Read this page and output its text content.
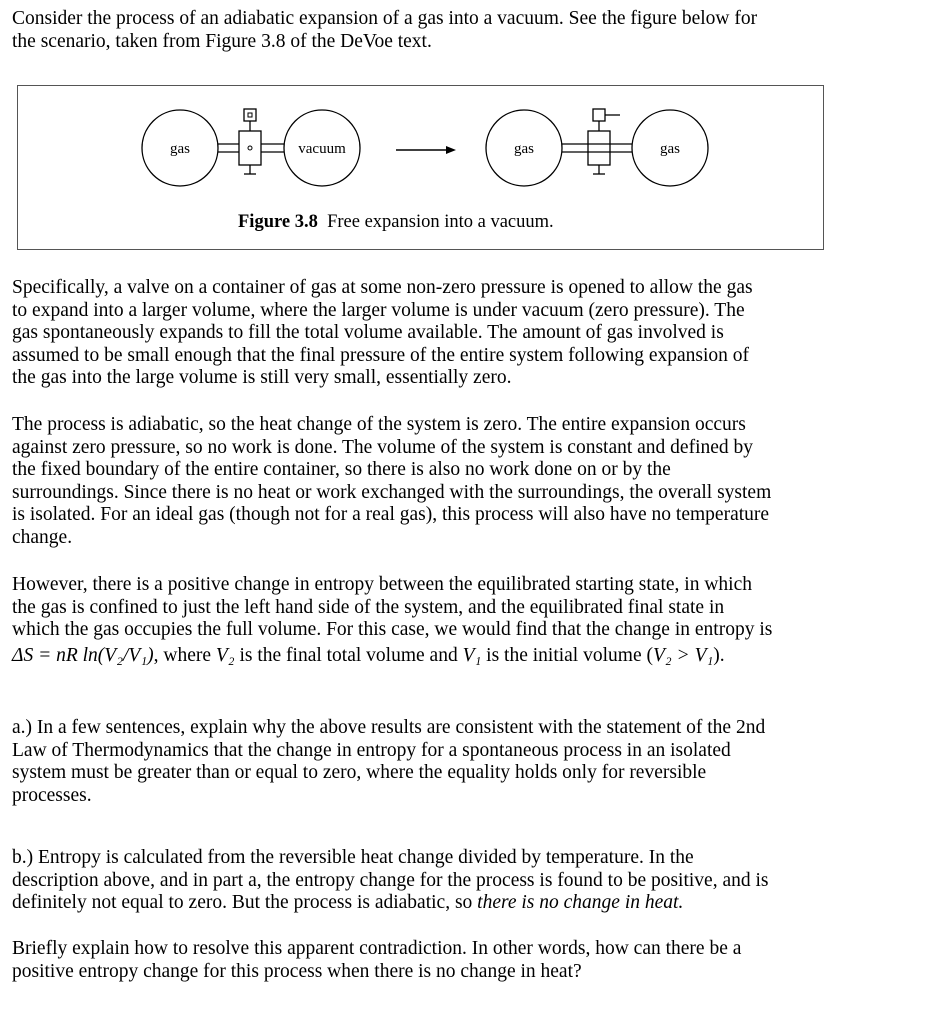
Consider the process of an adiabatic expansion of a gas into a vacuum. See the figure below for
the scenario, taken from Figure 3.8 of the DeVoe text.
gas	vacuum	gas	gas
Figure 3.8 Free expansion into a vacuum.
Specifically, a valve on a container of gas at some non-zero pressure is opened to allow the gas
to expand into a larger volume, where the larger volume is under vacuum (zero pressure). The
gas spontaneously expands to fill the total volume available. The amount of gas involved is
assumed to be small enough that the final pressure of the entire system following expansion of
the gas into the large volume is still very small, essentially zero.
The process is adiabatic, so the heat change of the system is zero. The entire expansion occurs
against zero pressure, so no work is done. The volume of the system is constant and defined by
the fixed boundary of the entire container, so there is also no work done on or by the
surroundings. Since there is no heat or work exchanged with the surroundings, the overall system
is isolated. For an ideal gas (though not for a real gas), this process will also have no temperature
change.
However, there is a positive change in entropy between the equilibrated starting state, in which
the gas is confined to just the left hand side of the system, and the equilibrated final state in
which the gas occupies the full volume. For this case, we would find that the change in entropy is
ΔS = nR ln(V₂/V₁), where V₂ is the final total volume and V₁ is the initial volume (V₂ > V₁).
a.) In a few sentences, explain why the above results are consistent with the statement of the 2nd
Law of Thermodynamics that the change in entropy for a spontaneous process in an isolated
system must be greater than or equal to zero, where the equality holds only for reversible
processes.
b.) Entropy is calculated from the reversible heat change divided by temperature. In the
description above, and in part a, the entropy change for the process is found to be positive, and is
definitely not equal to zero. But the process is adiabatic, so there is no change in heat.
Briefly explain how to resolve this apparent contradiction. In other words, how can there be a
positive entropy change for this process when there is no change in heat?
